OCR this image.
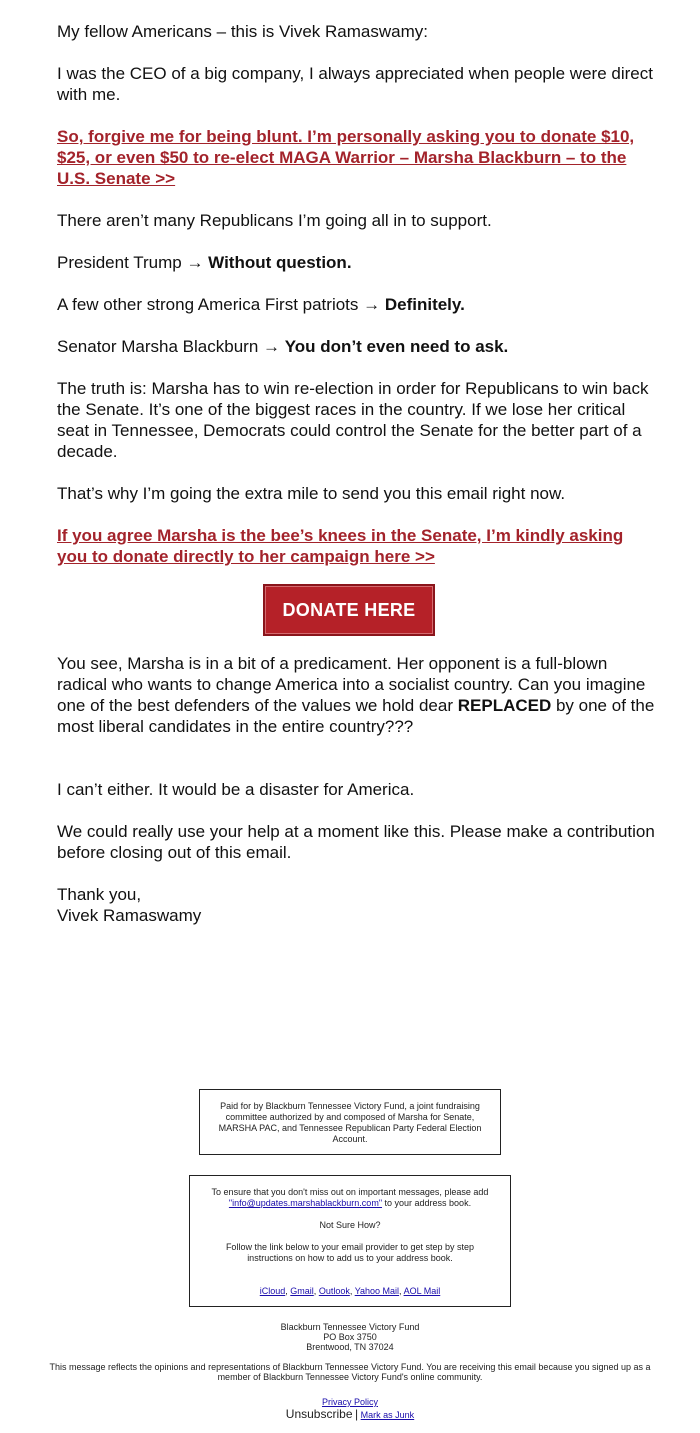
My fellow Americans – this is Vivek Ramaswamy:

I was the CEO of a big company, I always appreciated when people were direct with me.

So, forgive me for being blunt. I’m personally asking you to donate $10, $25, or even $50 to re-elect MAGA Warrior – Marsha Blackburn – to the U.S. Senate >>

There aren’t many Republicans I’m going all in to support.

President Trump → Without question.

A few other strong America First patriots → Definitely.

Senator Marsha Blackburn → You don’t even need to ask.

The truth is: Marsha has to win re-election in order for Republicans to win back the Senate. It’s one of the biggest races in the country. If we lose her critical seat in Tennessee, Democrats could control the Senate for the better part of a decade.

That’s why I’m going the extra mile to send you this email right now.

If you agree Marsha is the bee’s knees in the Senate, I’m kindly asking you to donate directly to her campaign here >>

DONATE HERE

You see, Marsha is in a bit of a predicament. Her opponent is a full-blown radical who wants to change America into a socialist country. Can you imagine one of the best defenders of the values we hold dear REPLACED by one of the most liberal candidates in the entire country???

I can’t either. It would be a disaster for America.

We could really use your help at a moment like this. Please make a contribution before closing out of this email.

Thank you,

Vivek Ramaswamy

Paid for by Blackburn Tennessee Victory Fund, a joint fundraising committee authorized by and composed of Marsha for Senate, MARSHA PAC, and Tennessee Republican Party Federal Election Account.

To ensure that you don't miss out on important messages, please add "info@updates.marshablackburn.com" to your address book.

Not Sure How?

Follow the link below to your email provider to get step by step instructions on how to add us to your address book.

iCloud, Gmail, Outlook, Yahoo Mail, AOL Mail

Blackburn Tennessee Victory Fund
PO Box 3750
Brentwood, TN 37024
This message reflects the opinions and representations of Blackburn Tennessee Victory Fund. You are receiving this email because you signed up as a member of Blackburn Tennessee Victory Fund's online community.
Privacy Policy
Unsubscribe | Mark as Junk
